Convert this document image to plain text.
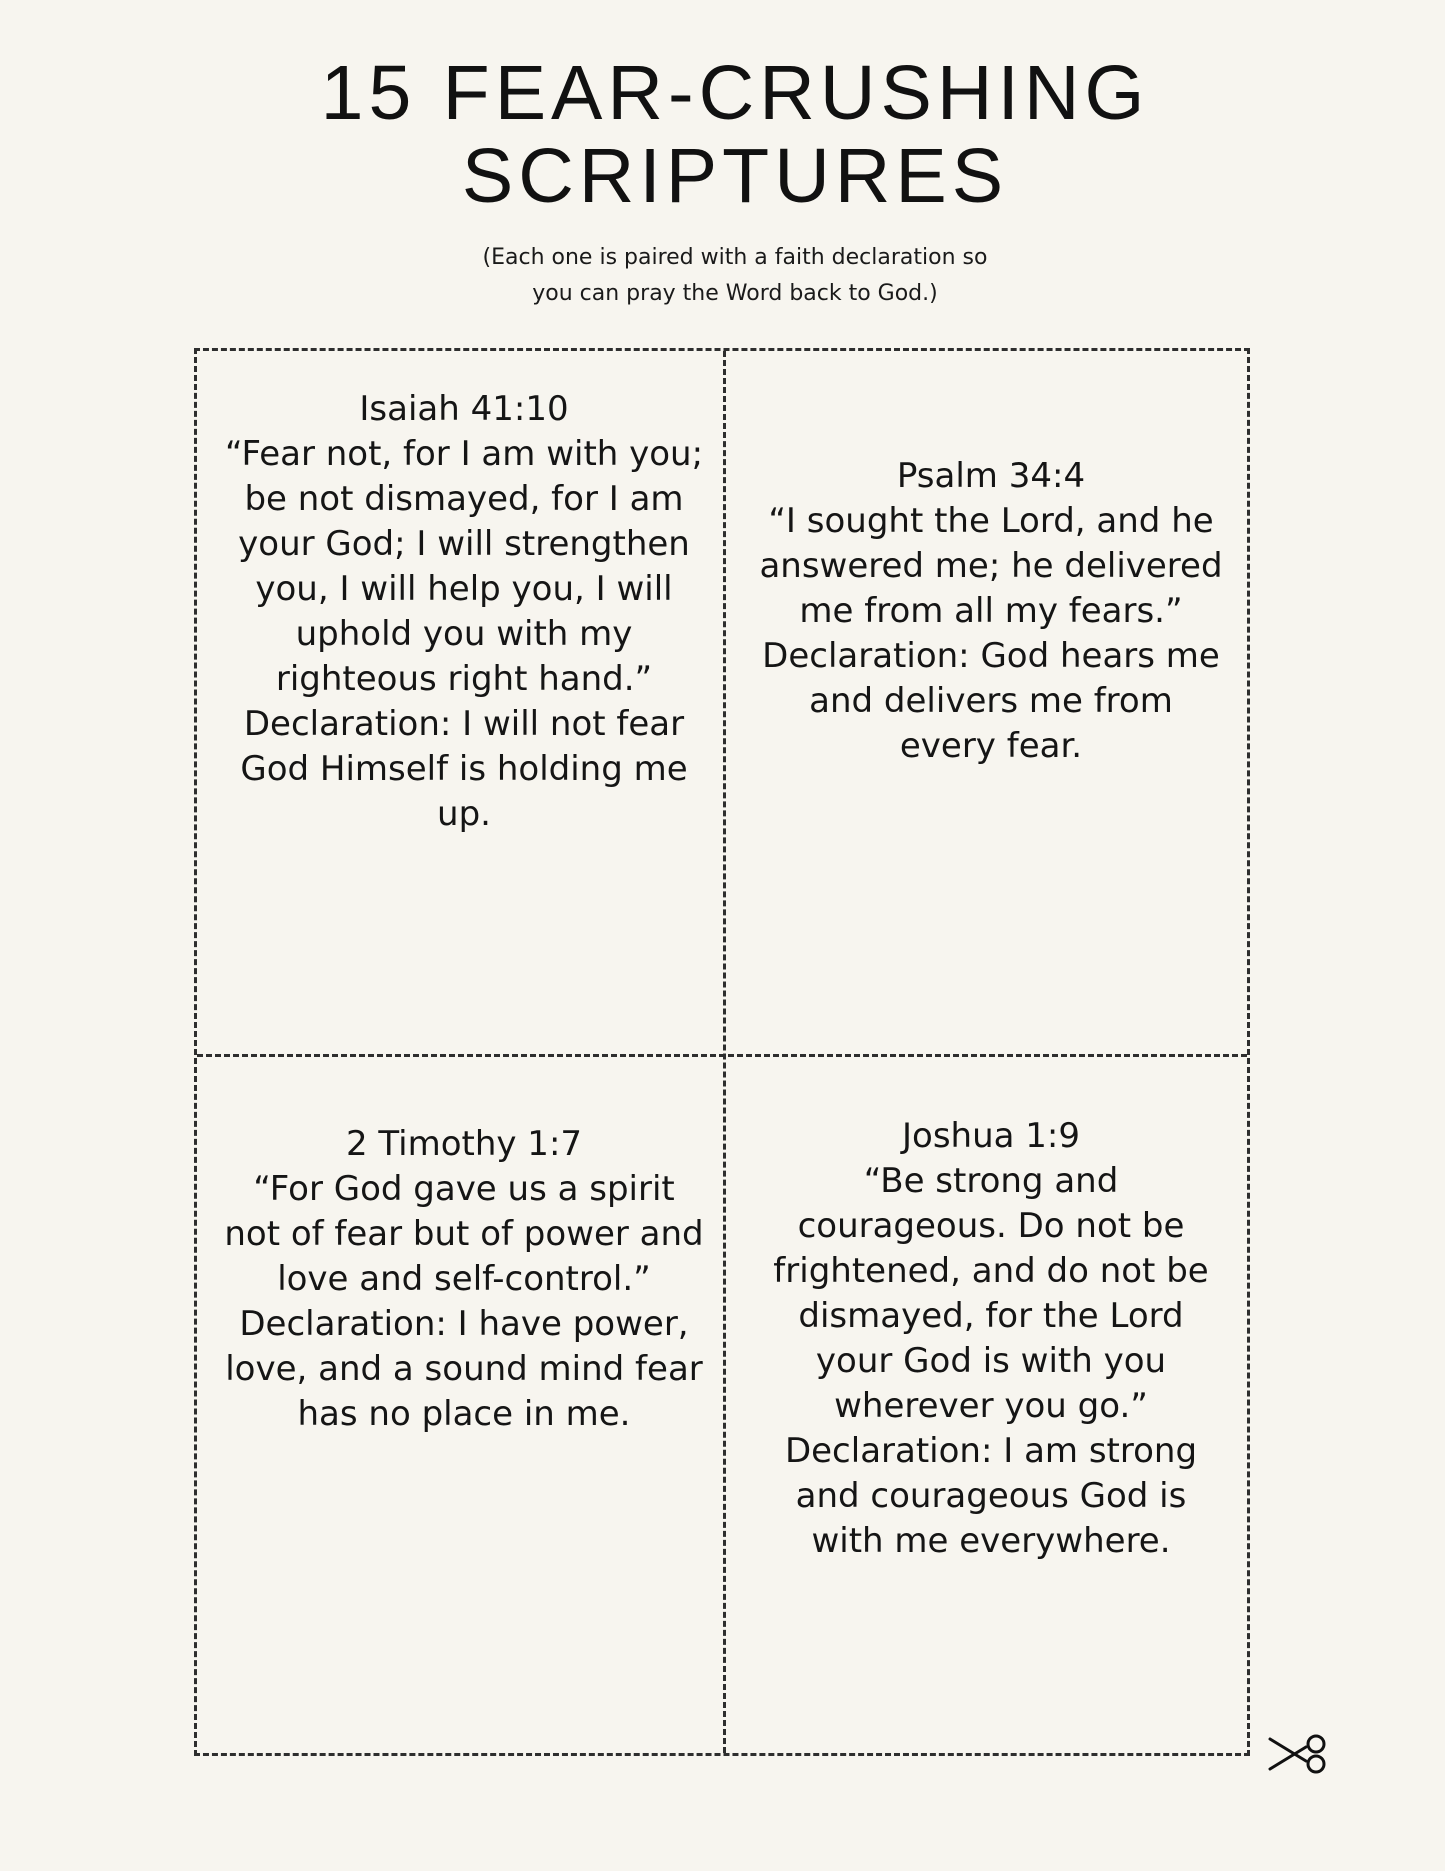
15 FEAR-CRUSHING
SCRIPTURES

(Each one is paired with a faith declaration so
you can pray the Word back to God.)

Isaiah 41:10
“Fear not, for I am with you; be not dismayed, for I am your God; I will strengthen you, I will help you, I will uphold you with my righteous right hand.”
Declaration: I will not fear God Himself is holding me up.
Psalm 34:4
“I sought the Lord, and he answered me; he delivered me from all my fears.”
Declaration: God hears me and delivers me from every fear.
2 Timothy 1:7
“For God gave us a spirit not of fear but of power and love and self-control.”
Declaration: I have power, love, and a sound mind fear has no place in me.
Joshua 1:9
“Be strong and courageous. Do not be frightened, and do not be dismayed, for the Lord your God is with you wherever you go.”
Declaration: I am strong and courageous God is with me everywhere.
